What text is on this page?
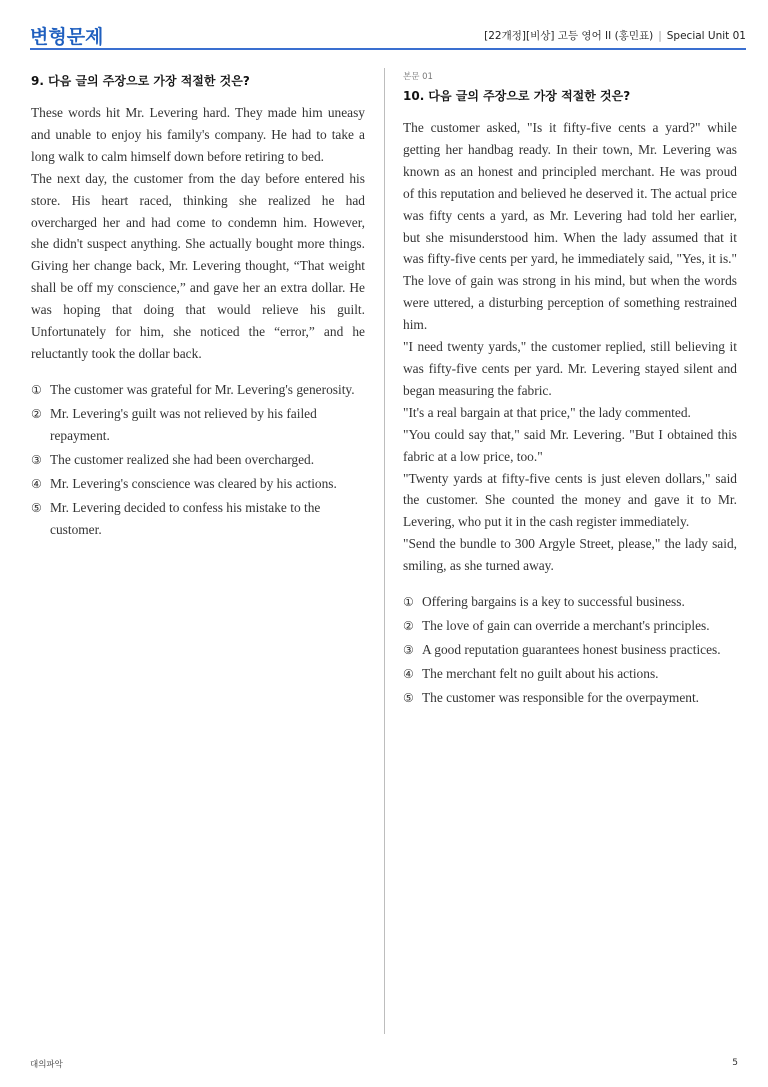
변형문제	[22개정][비상] 고등 영어 II (홍민표) | Special Unit 01
9. 다음 글의 주장으로 가장 적절한 것은?

These words hit Mr. Levering hard. They made him uneasy and unable to enjoy his family's company. He had to take a long walk to calm himself down before retiring to bed.

The next day, the customer from the day before entered his store. His heart raced, thinking she realized he had overcharged her and had come to condemn him. However, she didn't suspect anything. She actually bought more things. Giving her change back, Mr. Levering thought, “That weight shall be off my conscience,” and gave her an extra dollar. He was hoping that doing that would relieve his guilt. Unfortunately for him, she noticed the “error,” and he reluctantly took the dollar back.

① The customer was grateful for Mr. Levering's generosity.
② Mr. Levering's guilt was not relieved by his failed repayment.
③ The customer realized she had been overcharged.
④ Mr. Levering's conscience was cleared by his actions.
⑤ Mr. Levering decided to confess his mistake to the customer.
본문 01
10. 다음 글의 주장으로 가장 적절한 것은?

The customer asked, "Is it fifty-five cents a yard?" while getting her handbag ready. In their town, Mr. Levering was known as an honest and principled merchant. He was proud of this reputation and believed he deserved it. The actual price was fifty cents a yard, as Mr. Levering had told her earlier, but she misunderstood him. When the lady assumed that it was fifty-five cents per yard, he immediately said, "Yes, it is." The love of gain was strong in his mind, but when the words were uttered, a disturbing perception of something restrained him.

"I need twenty yards," the customer replied, still believing it was fifty-five cents per yard. Mr. Levering stayed silent and began measuring the fabric.

"It's a real bargain at that price," the lady commented.

"You could say that," said Mr. Levering. "But I obtained this fabric at a low price, too."

"Twenty yards at fifty-five cents is just eleven dollars," said the customer. She counted the money and gave it to Mr. Levering, who put it in the cash register immediately.

"Send the bundle to 300 Argyle Street, please," the lady said, smiling, as she turned away.

① Offering bargains is a key to successful business.
② The love of gain can override a merchant's principles.
③ A good reputation guarantees honest business practices.
④ The merchant felt no guilt about his actions.
⑤ The customer was responsible for the overpayment.
대의파악	5
